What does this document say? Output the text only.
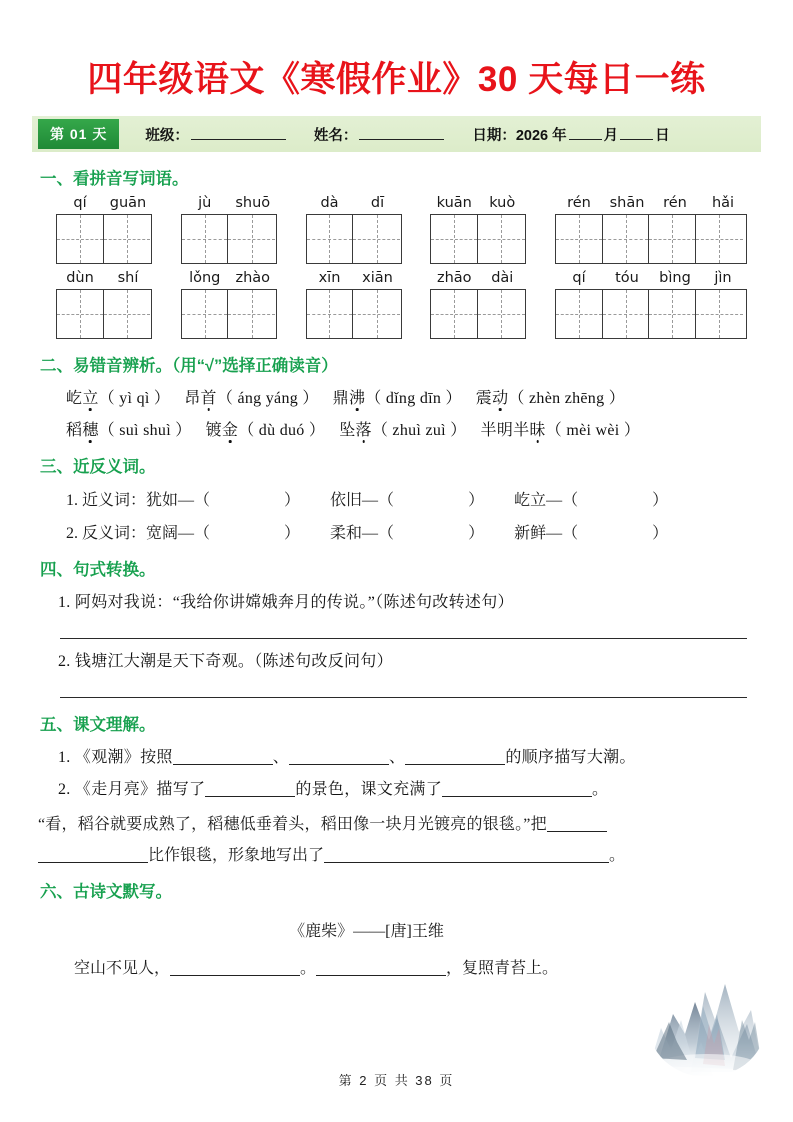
四年级语文《寒假作业》30 天每日一练
第 01 天	班级：	姓名：	日期：2026 年	月	日
一、看拼音写词语。
qí	guān	jù	shuō	dà	dī	kuān	kuò	rén	shān	rén	hǎi
dùn	shí	lǒng	zhào	xīn	xiān	zhāo	dài	qí	tóu	bìng	jìn
二、易错音辨析。（用“√”选择正确读音）
屹立（ yì qì ） 昂首（ áng yáng ） 鼎沸（ dǐng dīn ） 震动（ zhèn zhēng ）
稻穗（ suì shuì ） 镀金（ dù duó ） 坠落（ zhuì zuì ） 半明半昧（ mèi wèi ）
三、近反义词。
1. 近义词： 犹如—（	） 依旧—（	） 屹立—（	）
2. 反义词： 宽阔—（	） 柔和—（	） 新鲜—（	）
四、句式转换。
1. 阿妈对我说：“我给你讲嫦娥奔月的传说。”（陈述句改转述句）
2. 钱塘江大潮是天下奇观。（陈述句改反问句）
五、课文理解。
1. 《观潮》按照	、	、	的顺序描写大潮。
2. 《走月亮》描写了	的景色，课文充满了	。
“看，稻谷就要成熟了，稻穗低垂着头，稻田像一块月光镀亮的银毯。”把
比作银毯，形象地写出了	。
六、古诗文默写。
《鹿柴》——[唐]王维
空山不见人，	。	，复照青苔上。
第 2 页 共 38 页
